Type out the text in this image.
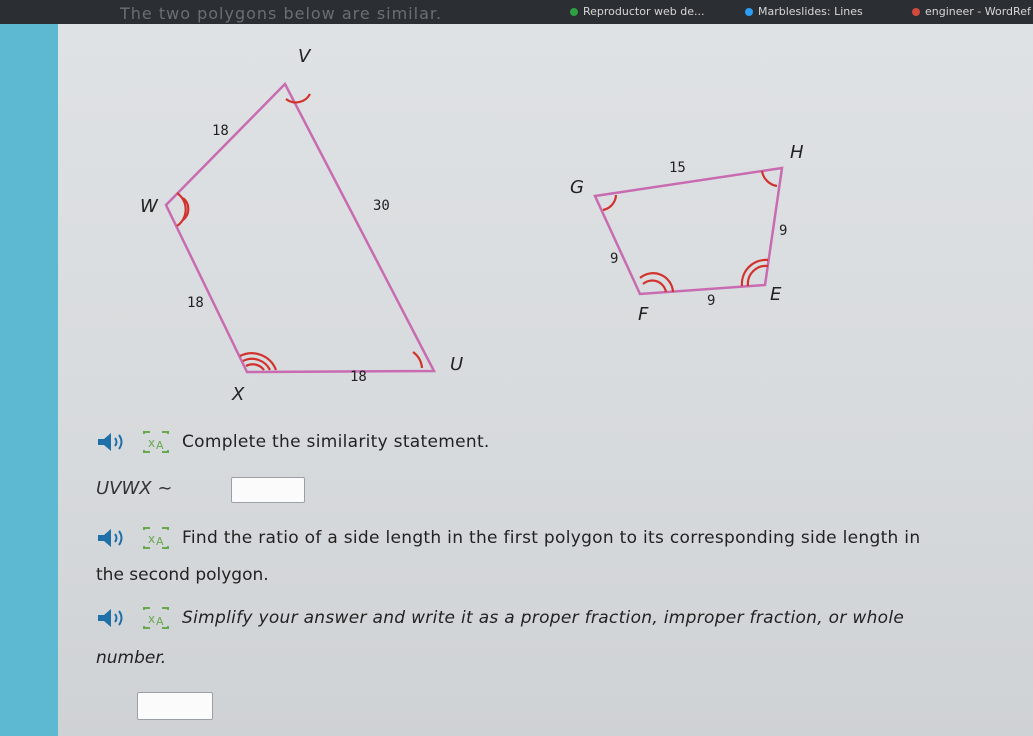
The two polygons below are similar.	Reproductor web de...	Marbleslides: Lines	engineer - WordRef
V
W
X
U
18
18
18
30
G
H
E
F
15
9
9
9
x A Complete the similarity statement.
UVWX ~
x A Find the ratio of a side length in the first polygon to its corresponding side length in
the second polygon.
x A Simplify your answer and write it as a proper fraction, improper fraction, or whole
number.
